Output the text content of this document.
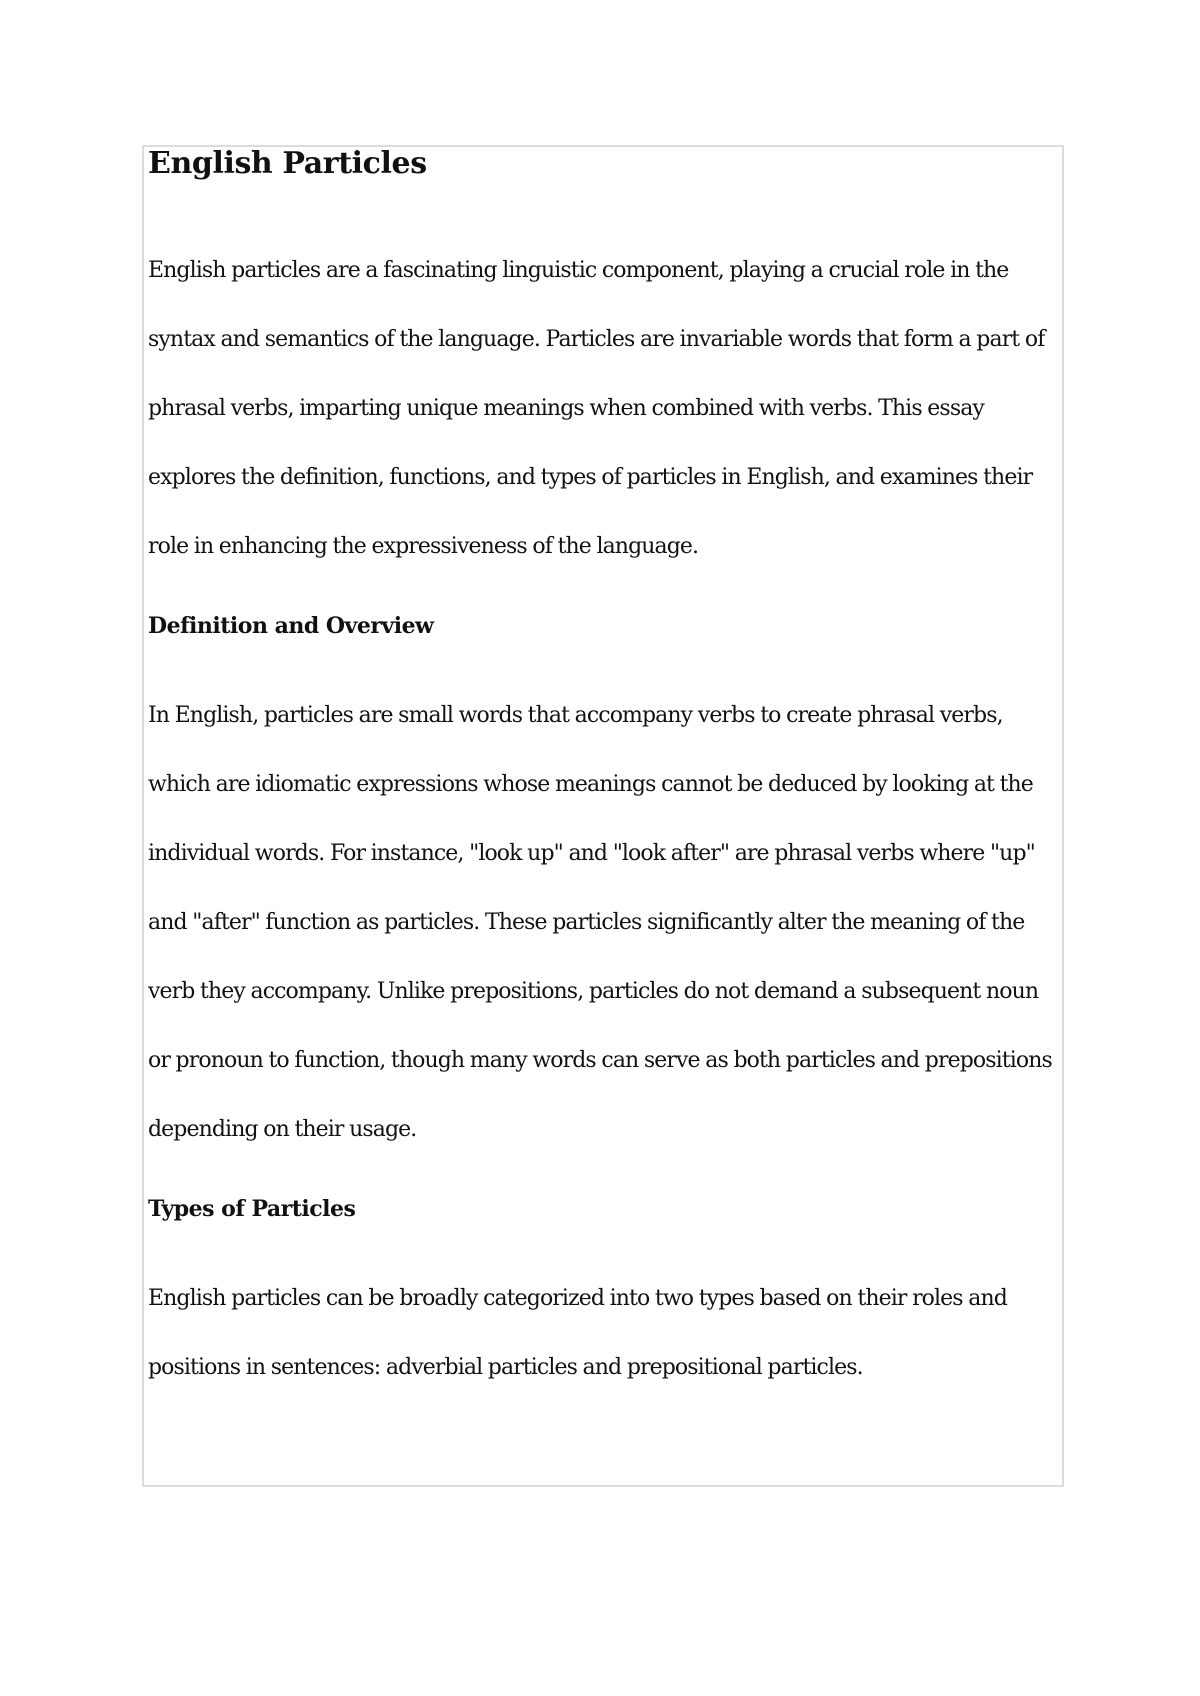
English Particles

English particles are a fascinating linguistic component, playing a crucial role in the syntax and semantics of the language. Particles are invariable words that form a part of phrasal verbs, imparting unique meanings when combined with verbs. This essay explores the definition, functions, and types of particles in English, and examines their role in enhancing the expressiveness of the language.

Definition and Overview

In English, particles are small words that accompany verbs to create phrasal verbs, which are idiomatic expressions whose meanings cannot be deduced by looking at the individual words. For instance, "look up" and "look after" are phrasal verbs where "up" and "after" function as particles. These particles significantly alter the meaning of the verb they accompany. Unlike prepositions, particles do not demand a subsequent noun or pronoun to function, though many words can serve as both particles and prepositions depending on their usage.

Types of Particles

English particles can be broadly categorized into two types based on their roles and positions in sentences: adverbial particles and prepositional particles.
